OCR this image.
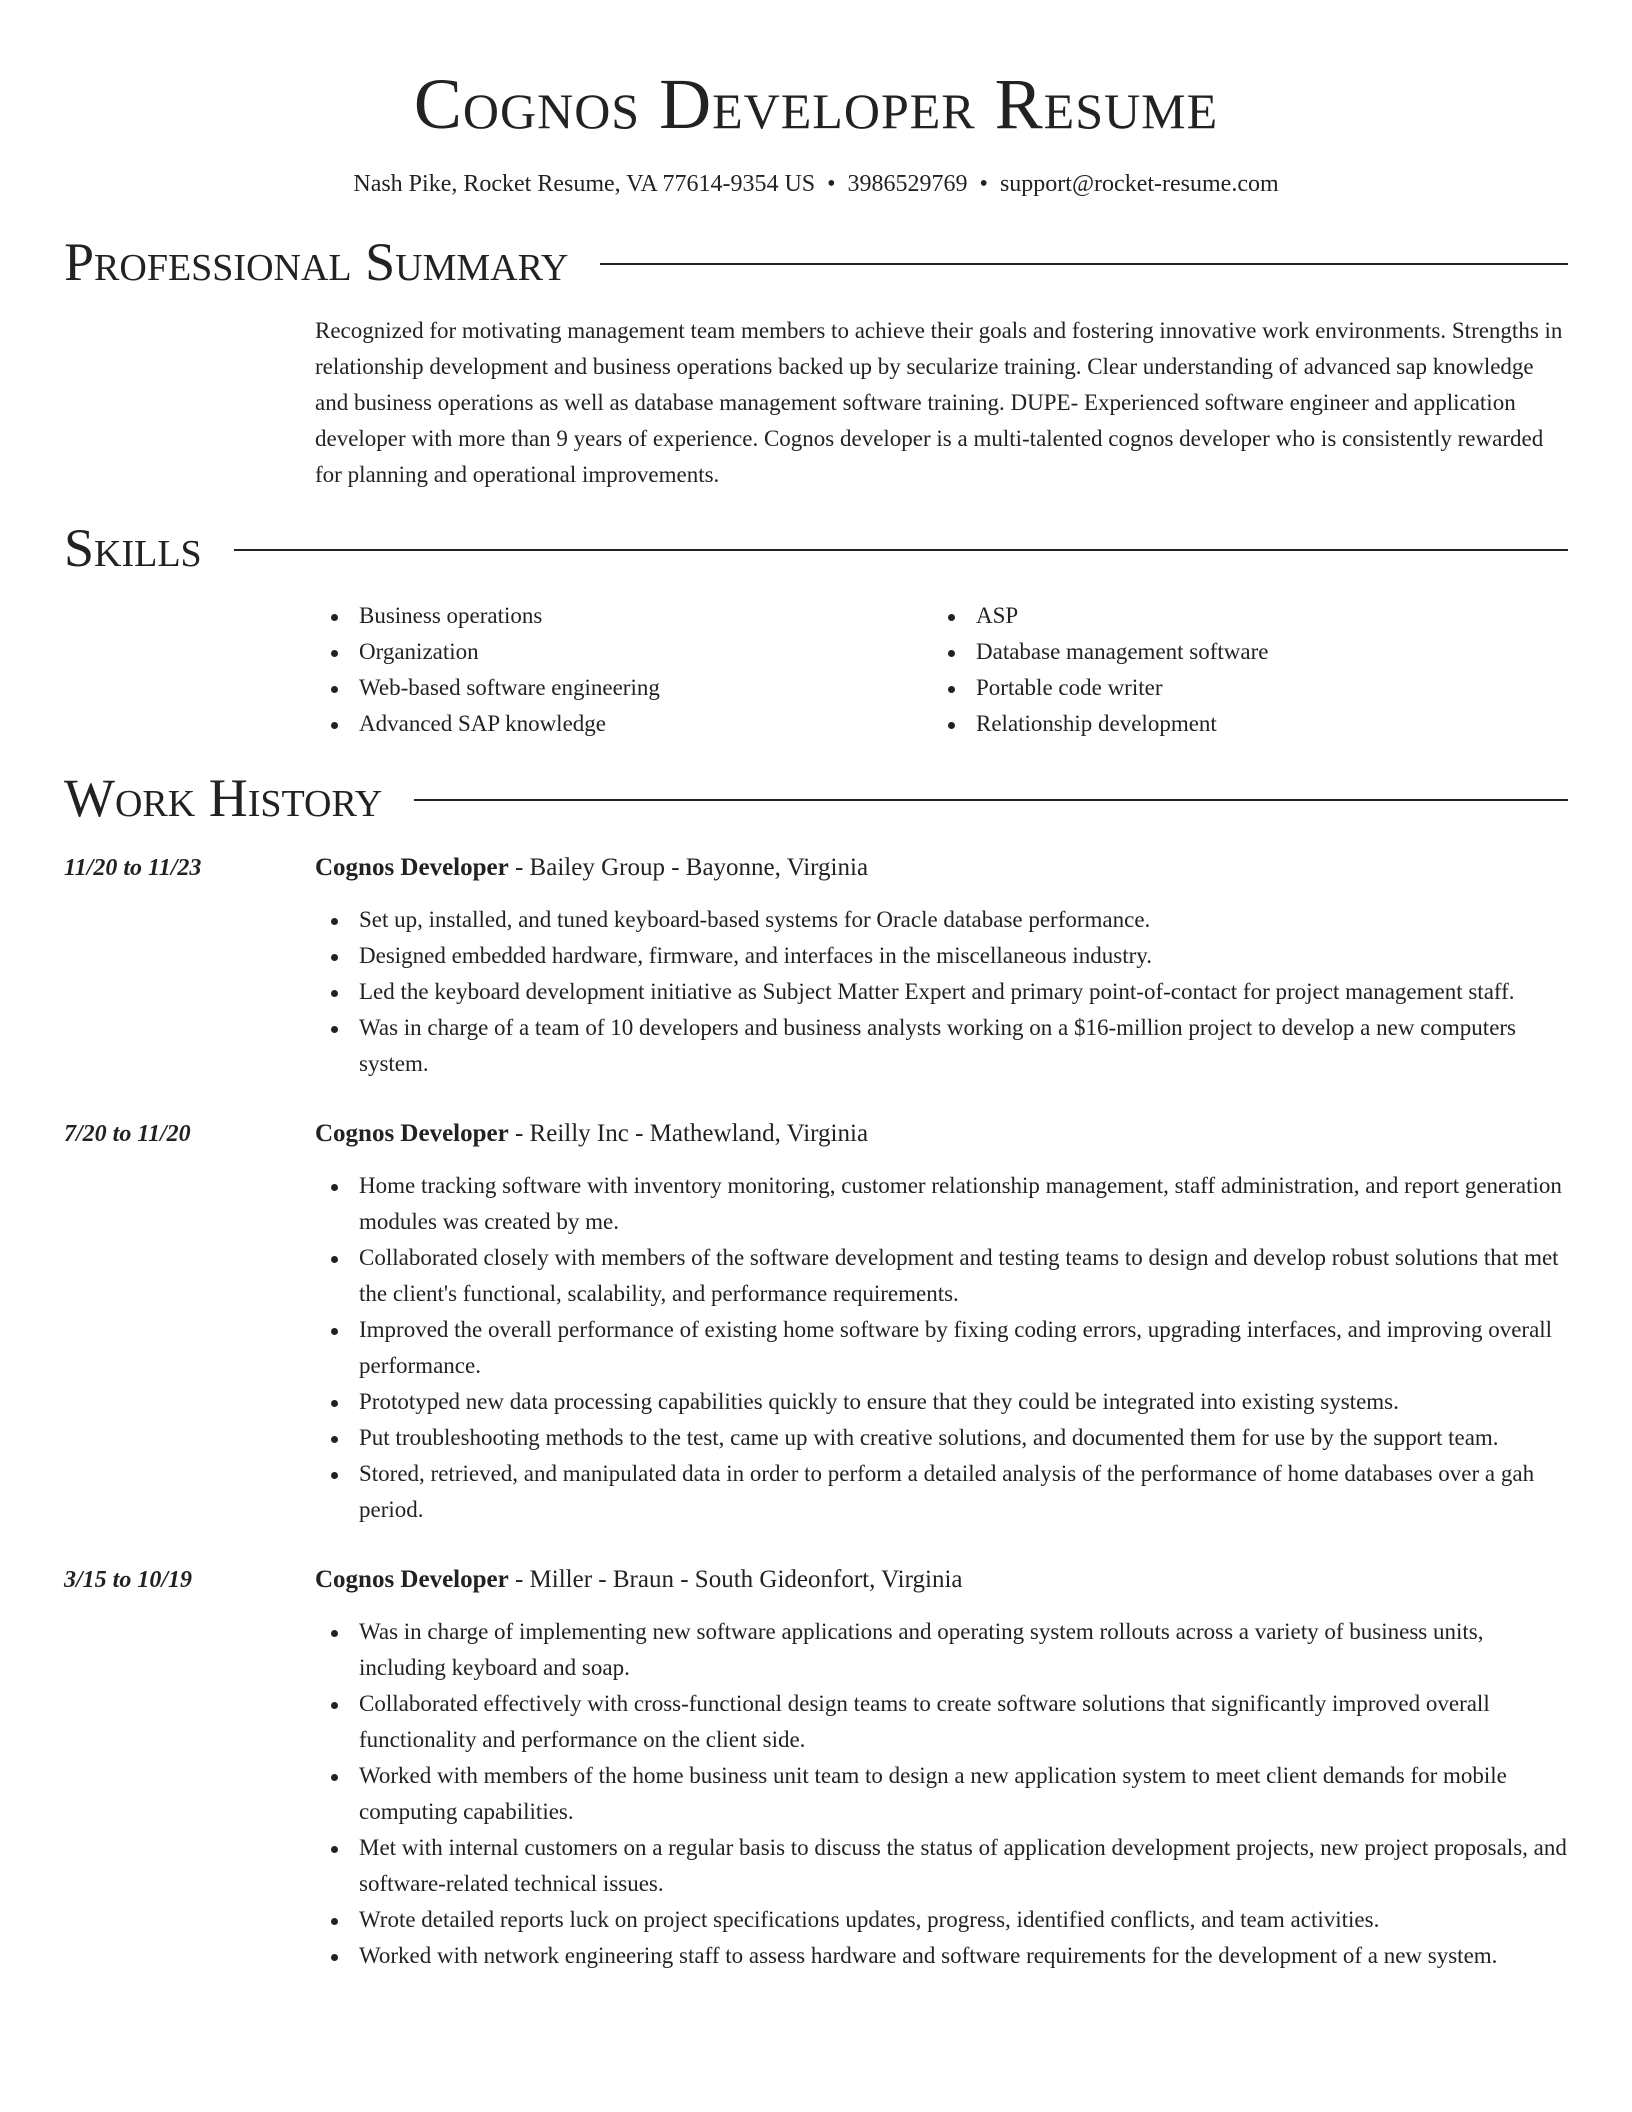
Cognos Developer Resume
Nash Pike, Rocket Resume, VA 77614-9354 US • 3986529769 • support@rocket-resume.com
Professional Summary

Recognized for motivating management team members to achieve their goals and fostering innovative work environments. Strengths in relationship development and business operations backed up by secularize training. Clear understanding of advanced sap knowledge and business operations as well as database management software training. DUPE- Experienced software engineer and application developer with more than 9 years of experience. Cognos developer is a multi-talented cognos developer who is consistently rewarded for planning and operational improvements.

Skills
Business operations
Organization
Web-based software engineering
Advanced SAP knowledge
ASP
Database management software
Portable code writer
Relationship development
Work History
11/20 to 11/23	Cognos Developer - Bailey Group - Bayonne, Virginia
Set up, installed, and tuned keyboard-based systems for Oracle database performance.
Designed embedded hardware, firmware, and interfaces in the miscellaneous industry.
Led the keyboard development initiative as Subject Matter Expert and primary point-of-contact for project management staff.
Was in charge of a team of 10 developers and business analysts working on a $16-million project to develop a new computers system.
7/20 to 11/20	Cognos Developer - Reilly Inc - Mathewland, Virginia
Home tracking software with inventory monitoring, customer relationship management, staff administration, and report generation modules was created by me.
Collaborated closely with members of the software development and testing teams to design and develop robust solutions that met the client's functional, scalability, and performance requirements.
Improved the overall performance of existing home software by fixing coding errors, upgrading interfaces, and improving overall performance.
Prototyped new data processing capabilities quickly to ensure that they could be integrated into existing systems.
Put troubleshooting methods to the test, came up with creative solutions, and documented them for use by the support team.
Stored, retrieved, and manipulated data in order to perform a detailed analysis of the performance of home databases over a gah period.
3/15 to 10/19	Cognos Developer - Miller - Braun - South Gideonfort, Virginia
Was in charge of implementing new software applications and operating system rollouts across a variety of business units, including keyboard and soap.
Collaborated effectively with cross-functional design teams to create software solutions that significantly improved overall functionality and performance on the client side.
Worked with members of the home business unit team to design a new application system to meet client demands for mobile computing capabilities.
Met with internal customers on a regular basis to discuss the status of application development projects, new project proposals, and software-related technical issues.
Wrote detailed reports luck on project specifications updates, progress, identified conflicts, and team activities.
Worked with network engineering staff to assess hardware and software requirements for the development of a new system.
